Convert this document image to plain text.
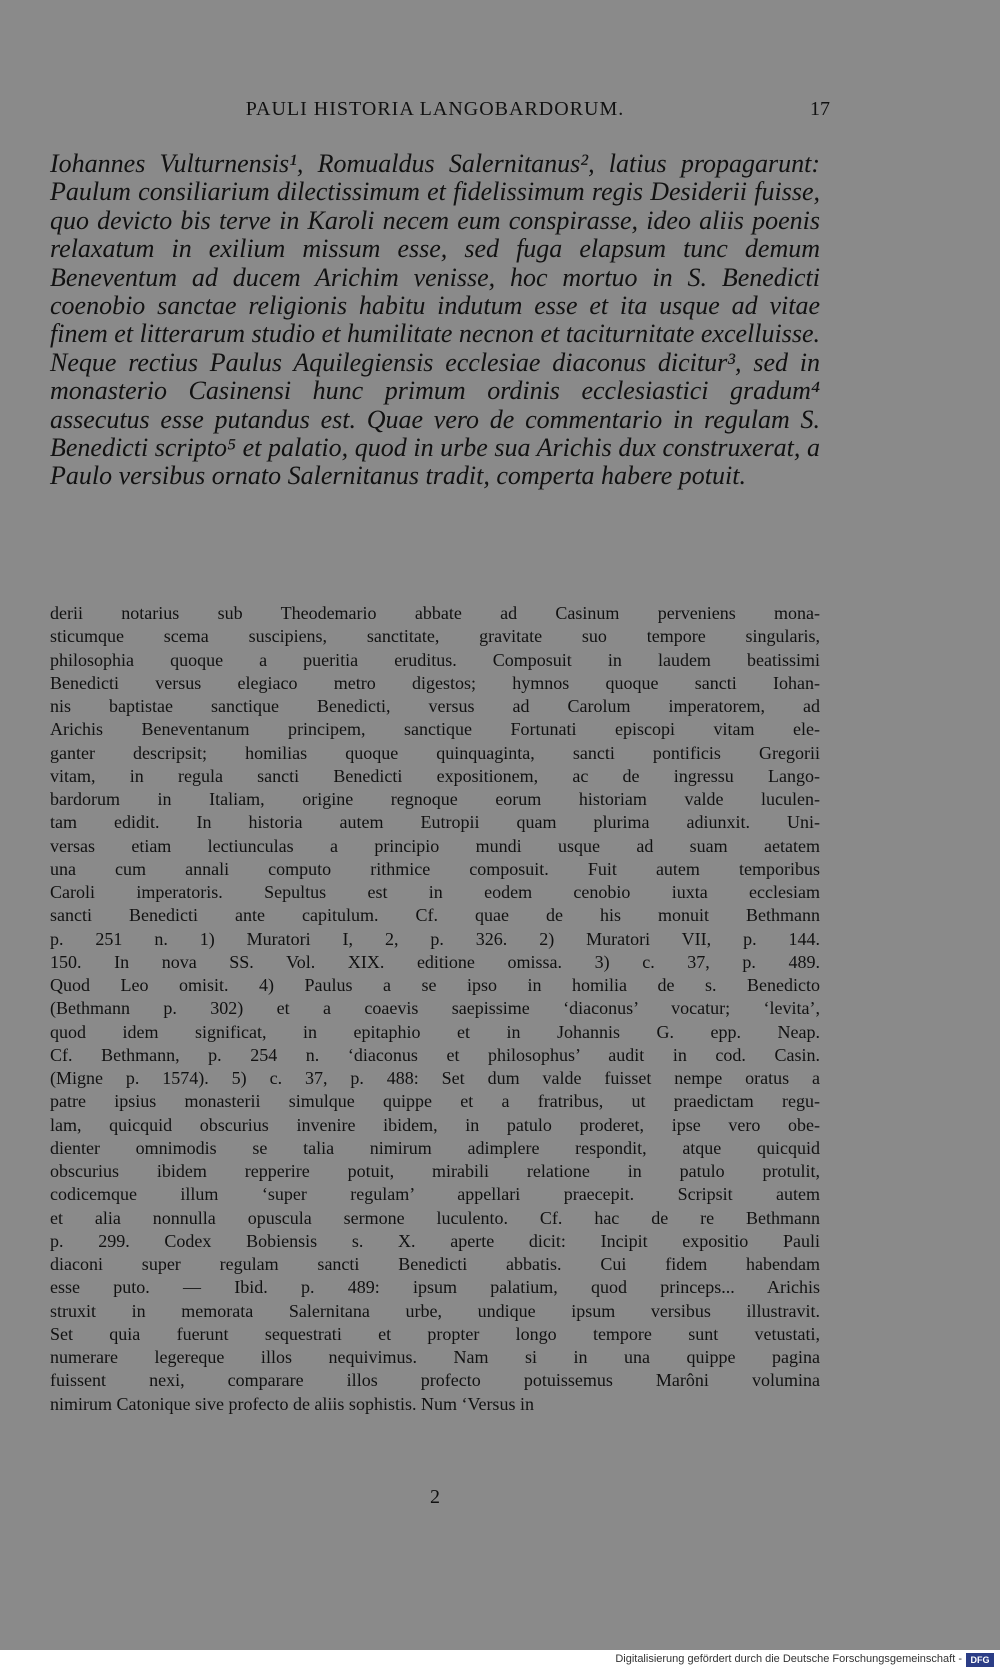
PAULI HISTORIA LANGOBARDORUM.	17

Iohannes Vulturnensis¹, Romualdus Salernitanus², latius propagarunt: Paulum consiliarium dilectissimum et fidelissimum regis Desiderii fuisse, quo devicto bis terve in Karoli necem eum conspirasse, ideo aliis poenis relaxatum in exilium missum esse, sed fuga elapsum tunc demum Beneventum ad ducem Arichim venisse, hoc mortuo in S. Benedicti coenobio sanctae religionis habitu indutum esse et ita usque ad vitae finem et litterarum studio et humilitate necnon et taciturnitate excelluisse. Neque rectius Paulus Aquilegiensis ecclesiae diaconus dicitur³, sed in monasterio Casinensi hunc primum ordinis ecclesiastici gradum⁴ assecutus esse putandus est. Quae vero de commentario in regulam S. Benedicti scripto⁵ et palatio, quod in urbe sua Arichis dux construxerat, a Paulo versibus ornato Salernitanus tradit, comperta habere potuit.

derii notarius sub Theodemario abbate ad Casinum perveniens mona-
sticumque scema suscipiens, sanctitate, gravitate suo tempore singularis,
philosophia quoque a pueritia eruditus. Composuit in laudem beatissimi
Benedicti versus elegiaco metro digestos; hymnos quoque sancti Iohan-
nis baptistae sanctique Benedicti, versus ad Carolum imperatorem, ad
Arichis Beneventanum principem, sanctique Fortunati episcopi vitam ele-
ganter descripsit; homilias quoque quinquaginta, sancti pontificis Gregorii
vitam, in regula sancti Benedicti expositionem, ac de ingressu Lango-
bardorum in Italiam, origine regnoque eorum historiam valde luculen-
tam edidit. In historia autem Eutropii quam plurima adiunxit. Uni-
versas etiam lectiunculas a principio mundi usque ad suam aetatem
una cum annali computo rithmice composuit. Fuit autem temporibus
Caroli imperatoris. Sepultus est in eodem cenobio iuxta ecclesiam
sancti Benedicti ante capitulum. Cf. quae de his monuit Bethmann
p. 251 n. 1) Muratori I, 2, p. 326. 2) Muratori VII, p. 144.
150. In nova SS. Vol. XIX. editione omissa. 3) c. 37, p. 489.
Quod Leo omisit. 4) Paulus a se ipso in homilia de s. Benedicto
(Bethmann p. 302) et a coaevis saepissime ‘diaconus’ vocatur; ‘levita’,
quod idem significat, in epitaphio et in Johannis G. epp. Neap.
Cf. Bethmann, p. 254 n. ‘diaconus et philosophus’ audit in cod. Casin.
(Migne p. 1574). 5) c. 37, p. 488: Set dum valde fuisset nempe oratus a
patre ipsius monasterii simulque quippe et a fratribus, ut praedictam regu-
lam, quicquid obscurius invenire ibidem, in patulo proderet, ipse vero obe-
dienter omnimodis se talia nimirum adimplere respondit, atque quicquid
obscurius ibidem repperire potuit, mirabili relatione in patulo protulit,
codicemque illum ‘super regulam’ appellari praecepit. Scripsit autem
et alia nonnulla opuscula sermone luculento. Cf. hac de re Bethmann
p. 299. Codex Bobiensis s. X. aperte dicit: Incipit expositio Pauli
diaconi super regulam sancti Benedicti abbatis. Cui fidem habendam
esse puto. — Ibid. p. 489: ipsum palatium, quod princeps... Arichis
struxit in memorata Salernitana urbe, undique ipsum versibus illustravit.
Set quia fuerunt sequestrati et propter longo tempore sunt vetustati,
numerare legereque illos nequivimus. Nam si in una quippe pagina
fuissent nexi, comparare illos profecto potuissemus Marôni volumina
nimirum Catonique sive profecto de aliis sophistis. Num ‘Versus in
2
Digitalisierung gefördert durch die Deutsche Forschungsgemeinschaft - DFG
